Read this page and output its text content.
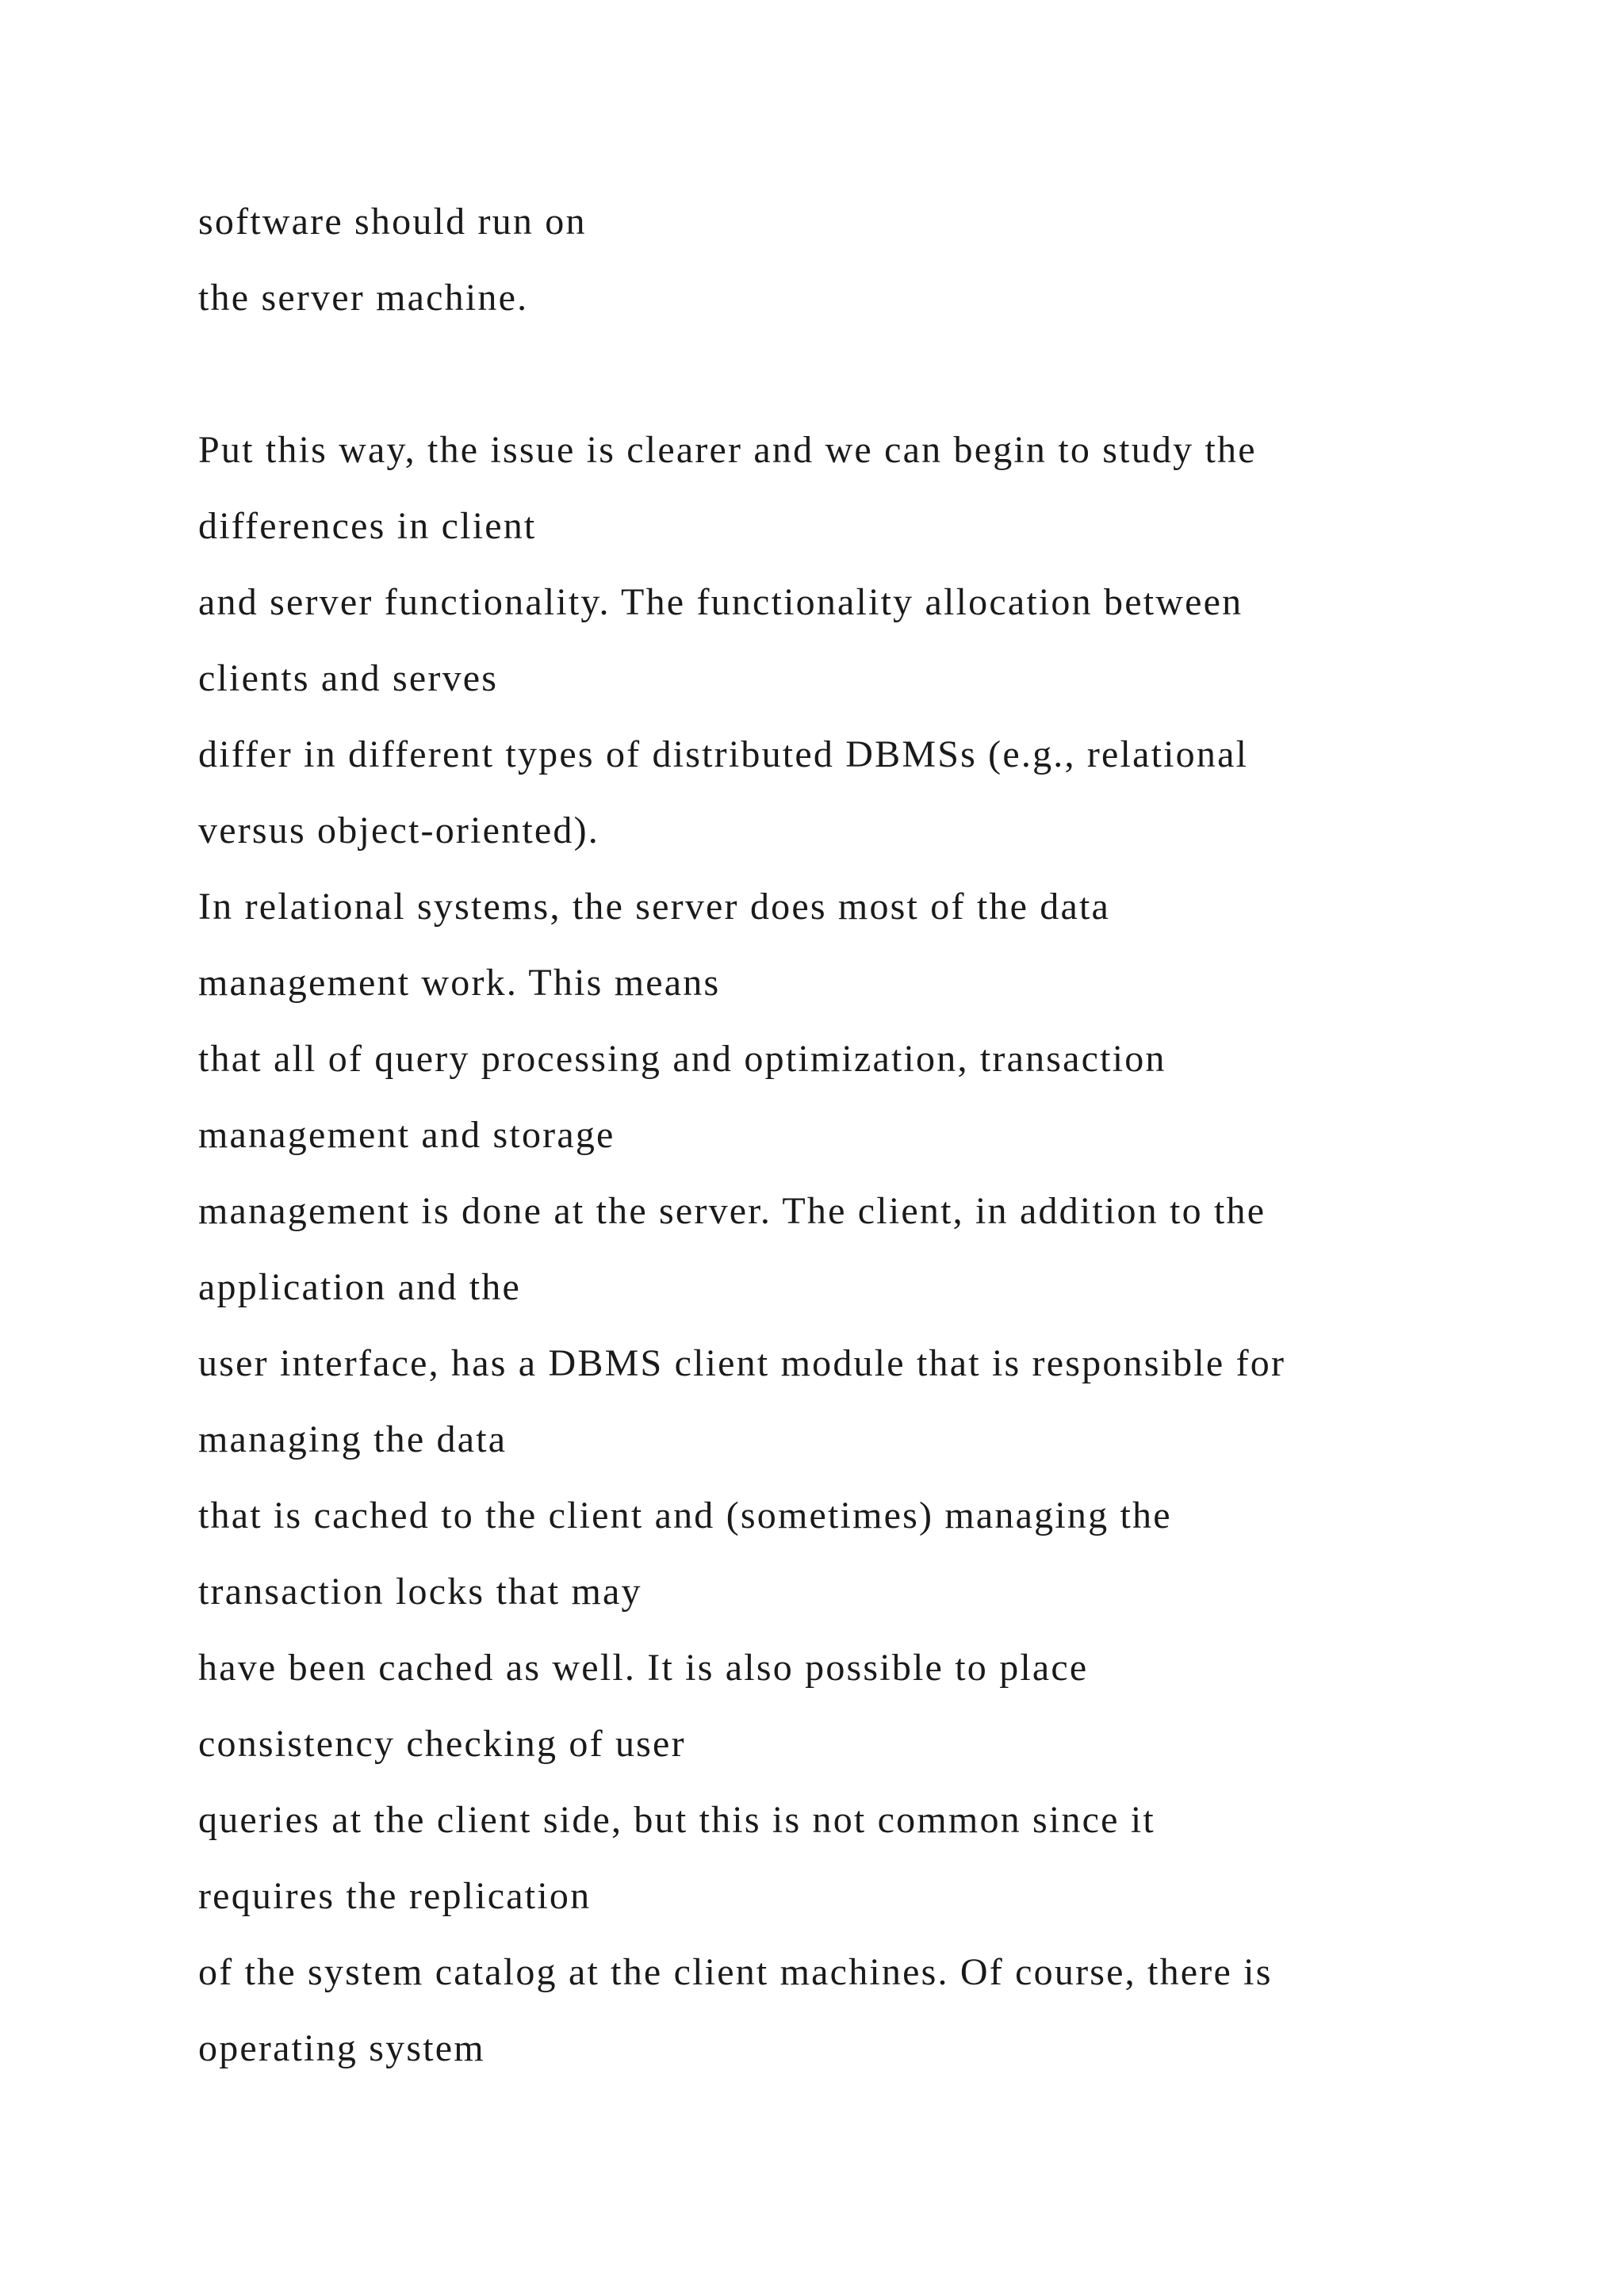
software should run on

the server machine.

Put this way, the issue is clearer and we can begin to study the

differences in client

and server functionality. The functionality allocation between

clients and serves

differ in different types of distributed DBMSs (e.g., relational

versus object-oriented).

In relational systems, the server does most of the data

management work. This means

that all of query processing and optimization, transaction

management and storage

management is done at the server. The client, in addition to the

application and the

user interface, has a DBMS client module that is responsible for

managing the data

that is cached to the client and (sometimes) managing the

transaction locks that may

have been cached as well. It is also possible to place

consistency checking of user

queries at the client side, but this is not common since it

requires the replication

of the system catalog at the client machines. Of course, there is

operating system
